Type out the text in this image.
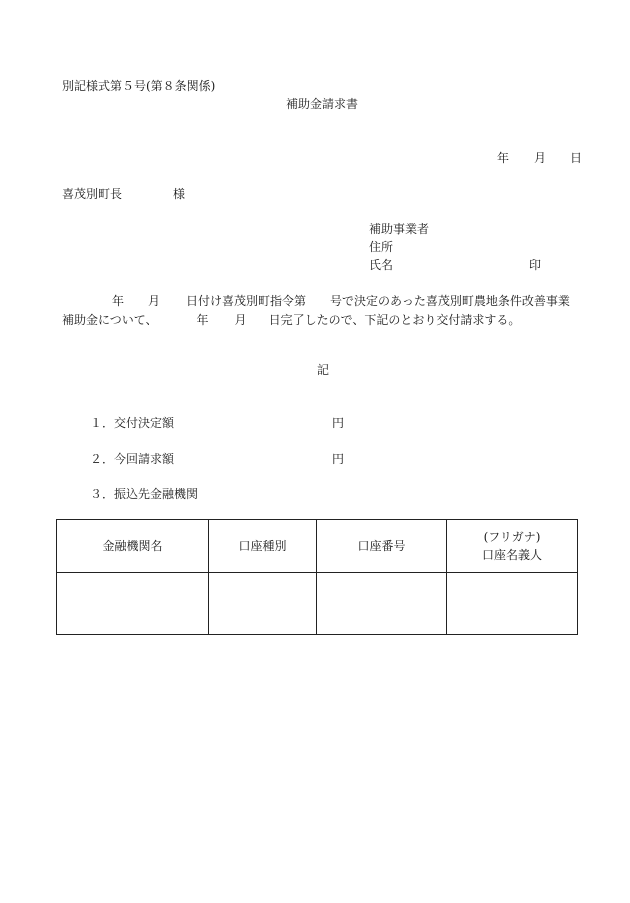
別記様式第５号(第８条関係)
補助金請求書
年 月 日
喜茂別町長	様
補助事業者
住所
氏名	印
年 月 日付け喜茂別町指令第 号で決定のあった喜茂別町農地条件改善事業
補助金について、	年 月 日完了したので、下記のとおり交付請求する。
記
１．交付決定額	円
２．今回請求額	円
３．振込先金融機関
金融機関名	口座種別	口座番号	(フリガナ)
口座名義人
